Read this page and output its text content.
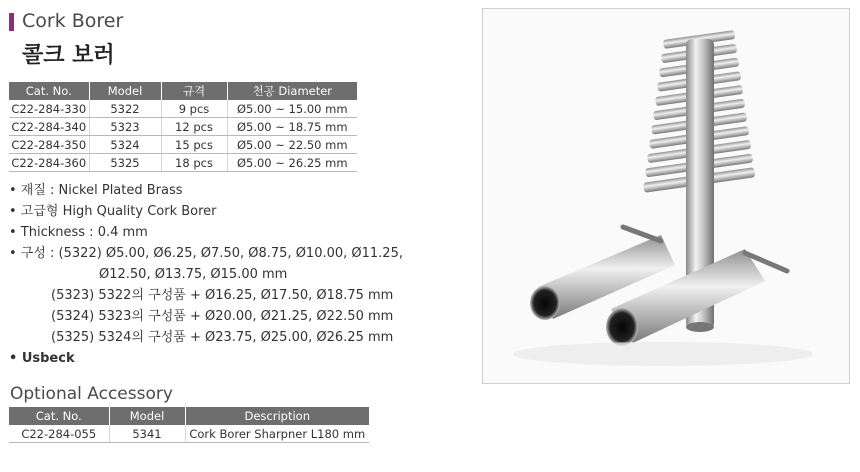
Cork Borer
콜크 보러
Cat. No.	Model	규격	천공 Diameter
C22-284-330	5322	9 pcs	Ø5.00 ~ 15.00 mm
C22-284-340	5323	12 pcs	Ø5.00 ~ 18.75 mm
C22-284-350	5324	15 pcs	Ø5.00 ~ 22.50 mm
C22-284-360	5325	18 pcs	Ø5.00 ~ 26.25 mm
• 재질 : Nickel Plated Brass
• 고급형 High Quality Cork Borer
• Thickness : 0.4 mm
• 구성 : (5322) Ø5.00, Ø6.25, Ø7.50, Ø8.75, Ø10.00, Ø11.25,
Ø12.50, Ø13.75, Ø15.00 mm
(5323) 5322의 구성품 + Ø16.25, Ø17.50, Ø18.75 mm
(5324) 5323의 구성품 + Ø20.00, Ø21.25, Ø22.50 mm
(5325) 5324의 구성품 + Ø23.75, Ø25.00, Ø26.25 mm
• Usbeck
Optional Accessory
Cat. No.	Model	Description
C22-284-055	5341	Cork Borer Sharpner L180 mm
